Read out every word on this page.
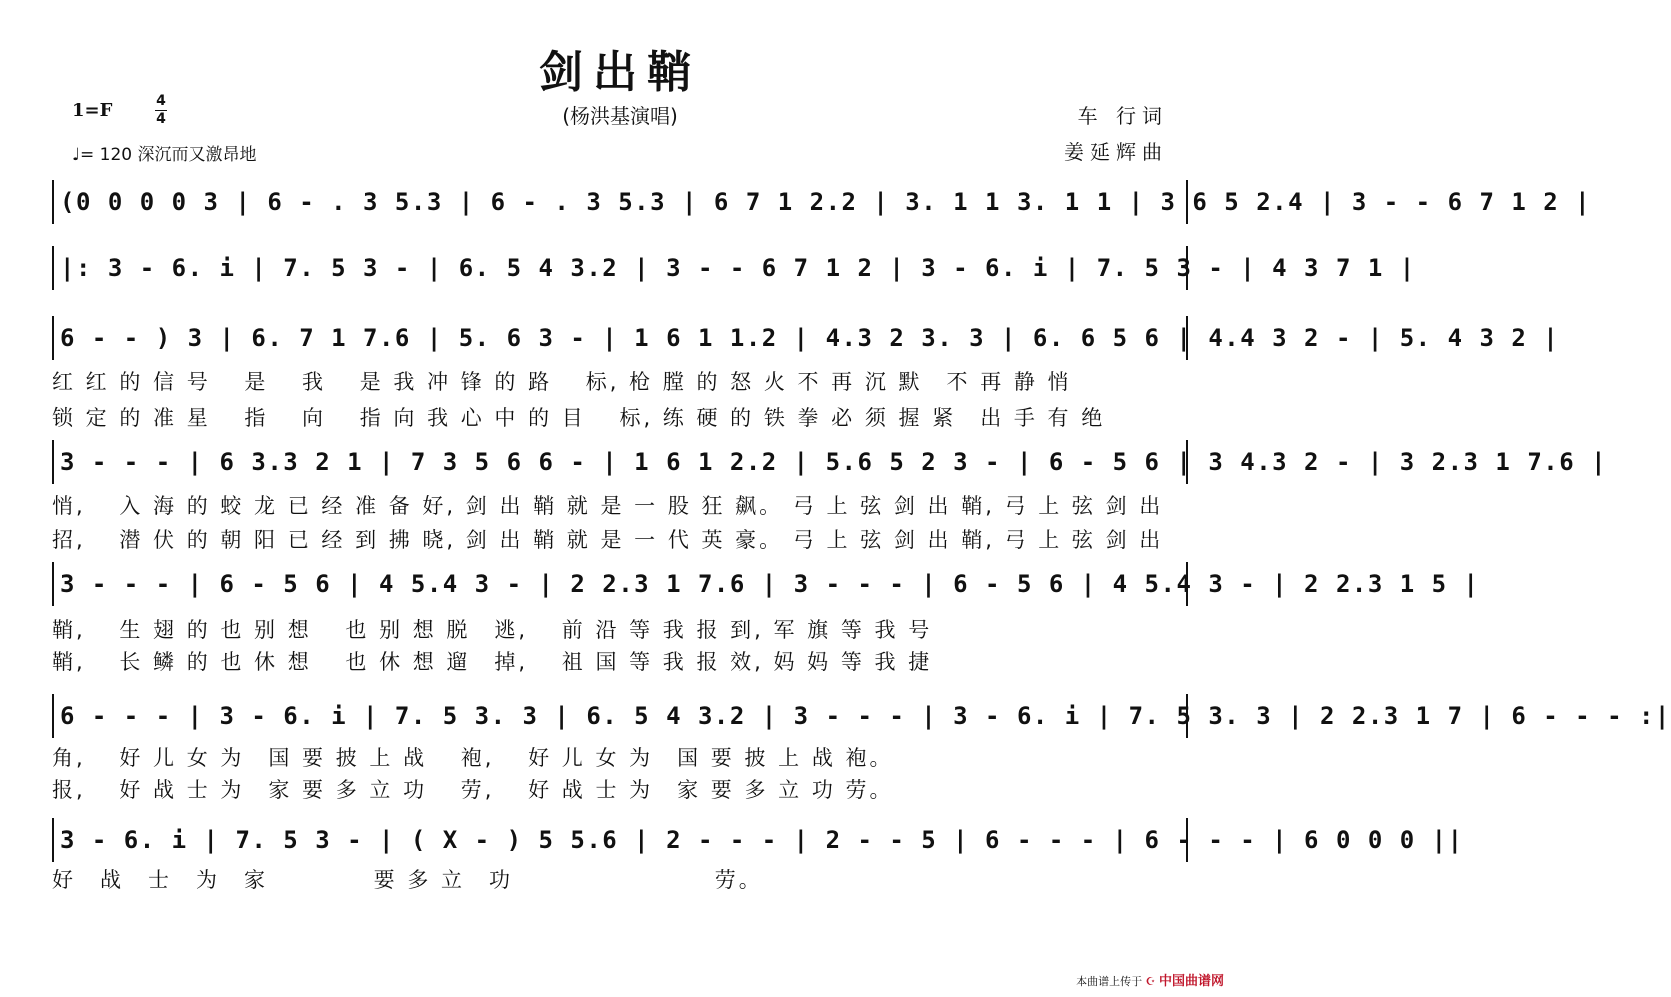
剑出鞘
(杨洪基演唱)
1=F	4
4
♩= 120 深沉而又激昂地
车 行词
姜延辉曲
(0 0 0 0 3 | 6 - . 3 5.3 | 6 - . 3 5.3 | 6 7 1 2.2 | 3. 1 1 3. 1 1 | 3 6 5 2.4 | 3 - - 6 7 1 2 |
|: 3 - 6. i | 7. 5 3 - | 6. 5 4 3.2 | 3 - - 6 7 1 2 | 3 - 6. i | 7. 5 3 - | 4 3 7 1 |
6 - - ) 3 | 6. 7 1 7.6 | 5. 6 3 - | 1 6 1 1.2 | 4.3 2 3. 3 | 6. 6 5 6 | 4.4 3 2 - | 5. 4 3 2 |
红 红 的 信 号　 是　 我　 是 我 冲 锋 的 路　 标, 枪 膛 的 怒 火 不 再 沉 默　不 再 静 悄
锁 定 的 准 星　 指　 向　 指 向 我 心 中 的 目　 标, 练 硬 的 铁 拳 必 须 握 紧　出 手 有 绝
3 - - - | 6 3.3 2 1 | 7 3 5 6 6 - | 1 6 1 2.2 | 5.6 5 2 3 - | 6 - 5 6 | 3 4.3 2 - | 3 2.3 1 7.6 |
悄,　 入 海 的 蛟 龙 已 经 准 备 好, 剑 出 鞘 就 是 一 股 狂 飙。 弓 上 弦 剑 出 鞘, 弓 上 弦 剑 出
招,　 潜 伏 的 朝 阳 已 经 到 拂 晓, 剑 出 鞘 就 是 一 代 英 豪。 弓 上 弦 剑 出 鞘, 弓 上 弦 剑 出
3 - - - | 6 - 5 6 | 4 5.4 3 - | 2 2.3 1 7.6 | 3 - - - | 6 - 5 6 | 4 5.4 3 - | 2 2.3 1 5 |
鞘,　 生 翅 的 也 别 想　 也 别 想 脱　逃,　 前 沿 等 我 报 到, 军 旗 等 我 号
鞘,　 长 鳞 的 也 休 想　 也 休 想 遛　掉,　 祖 国 等 我 报 效, 妈 妈 等 我 捷
6 - - - | 3 - 6. i | 7. 5 3. 3 | 6. 5 4 3.2 | 3 - - - | 3 - 6. i | 7. 5 3. 3 | 2 2.3 1 7 | 6 - - - :|
角,　 好 儿 女 为　国 要 披 上 战　 袍,　 好 儿 女 为　国 要 披 上 战 袍。
报,　 好 战 士 为　家 要 多 立 功　 劳,　 好 战 士 为　家 要 多 立 功 劳。
3 - 6. i | 7. 5 3 - | ( X - ) 5 5.6 | 2 - - - | 2 - - 5 | 6 - - - | 6 - - - | 6 0 0 0 ||
好　战　士　为　家　　　　 要 多 立　功　　　　　　　　 劳。
本曲谱上传于 ☪ 中国曲谱网
